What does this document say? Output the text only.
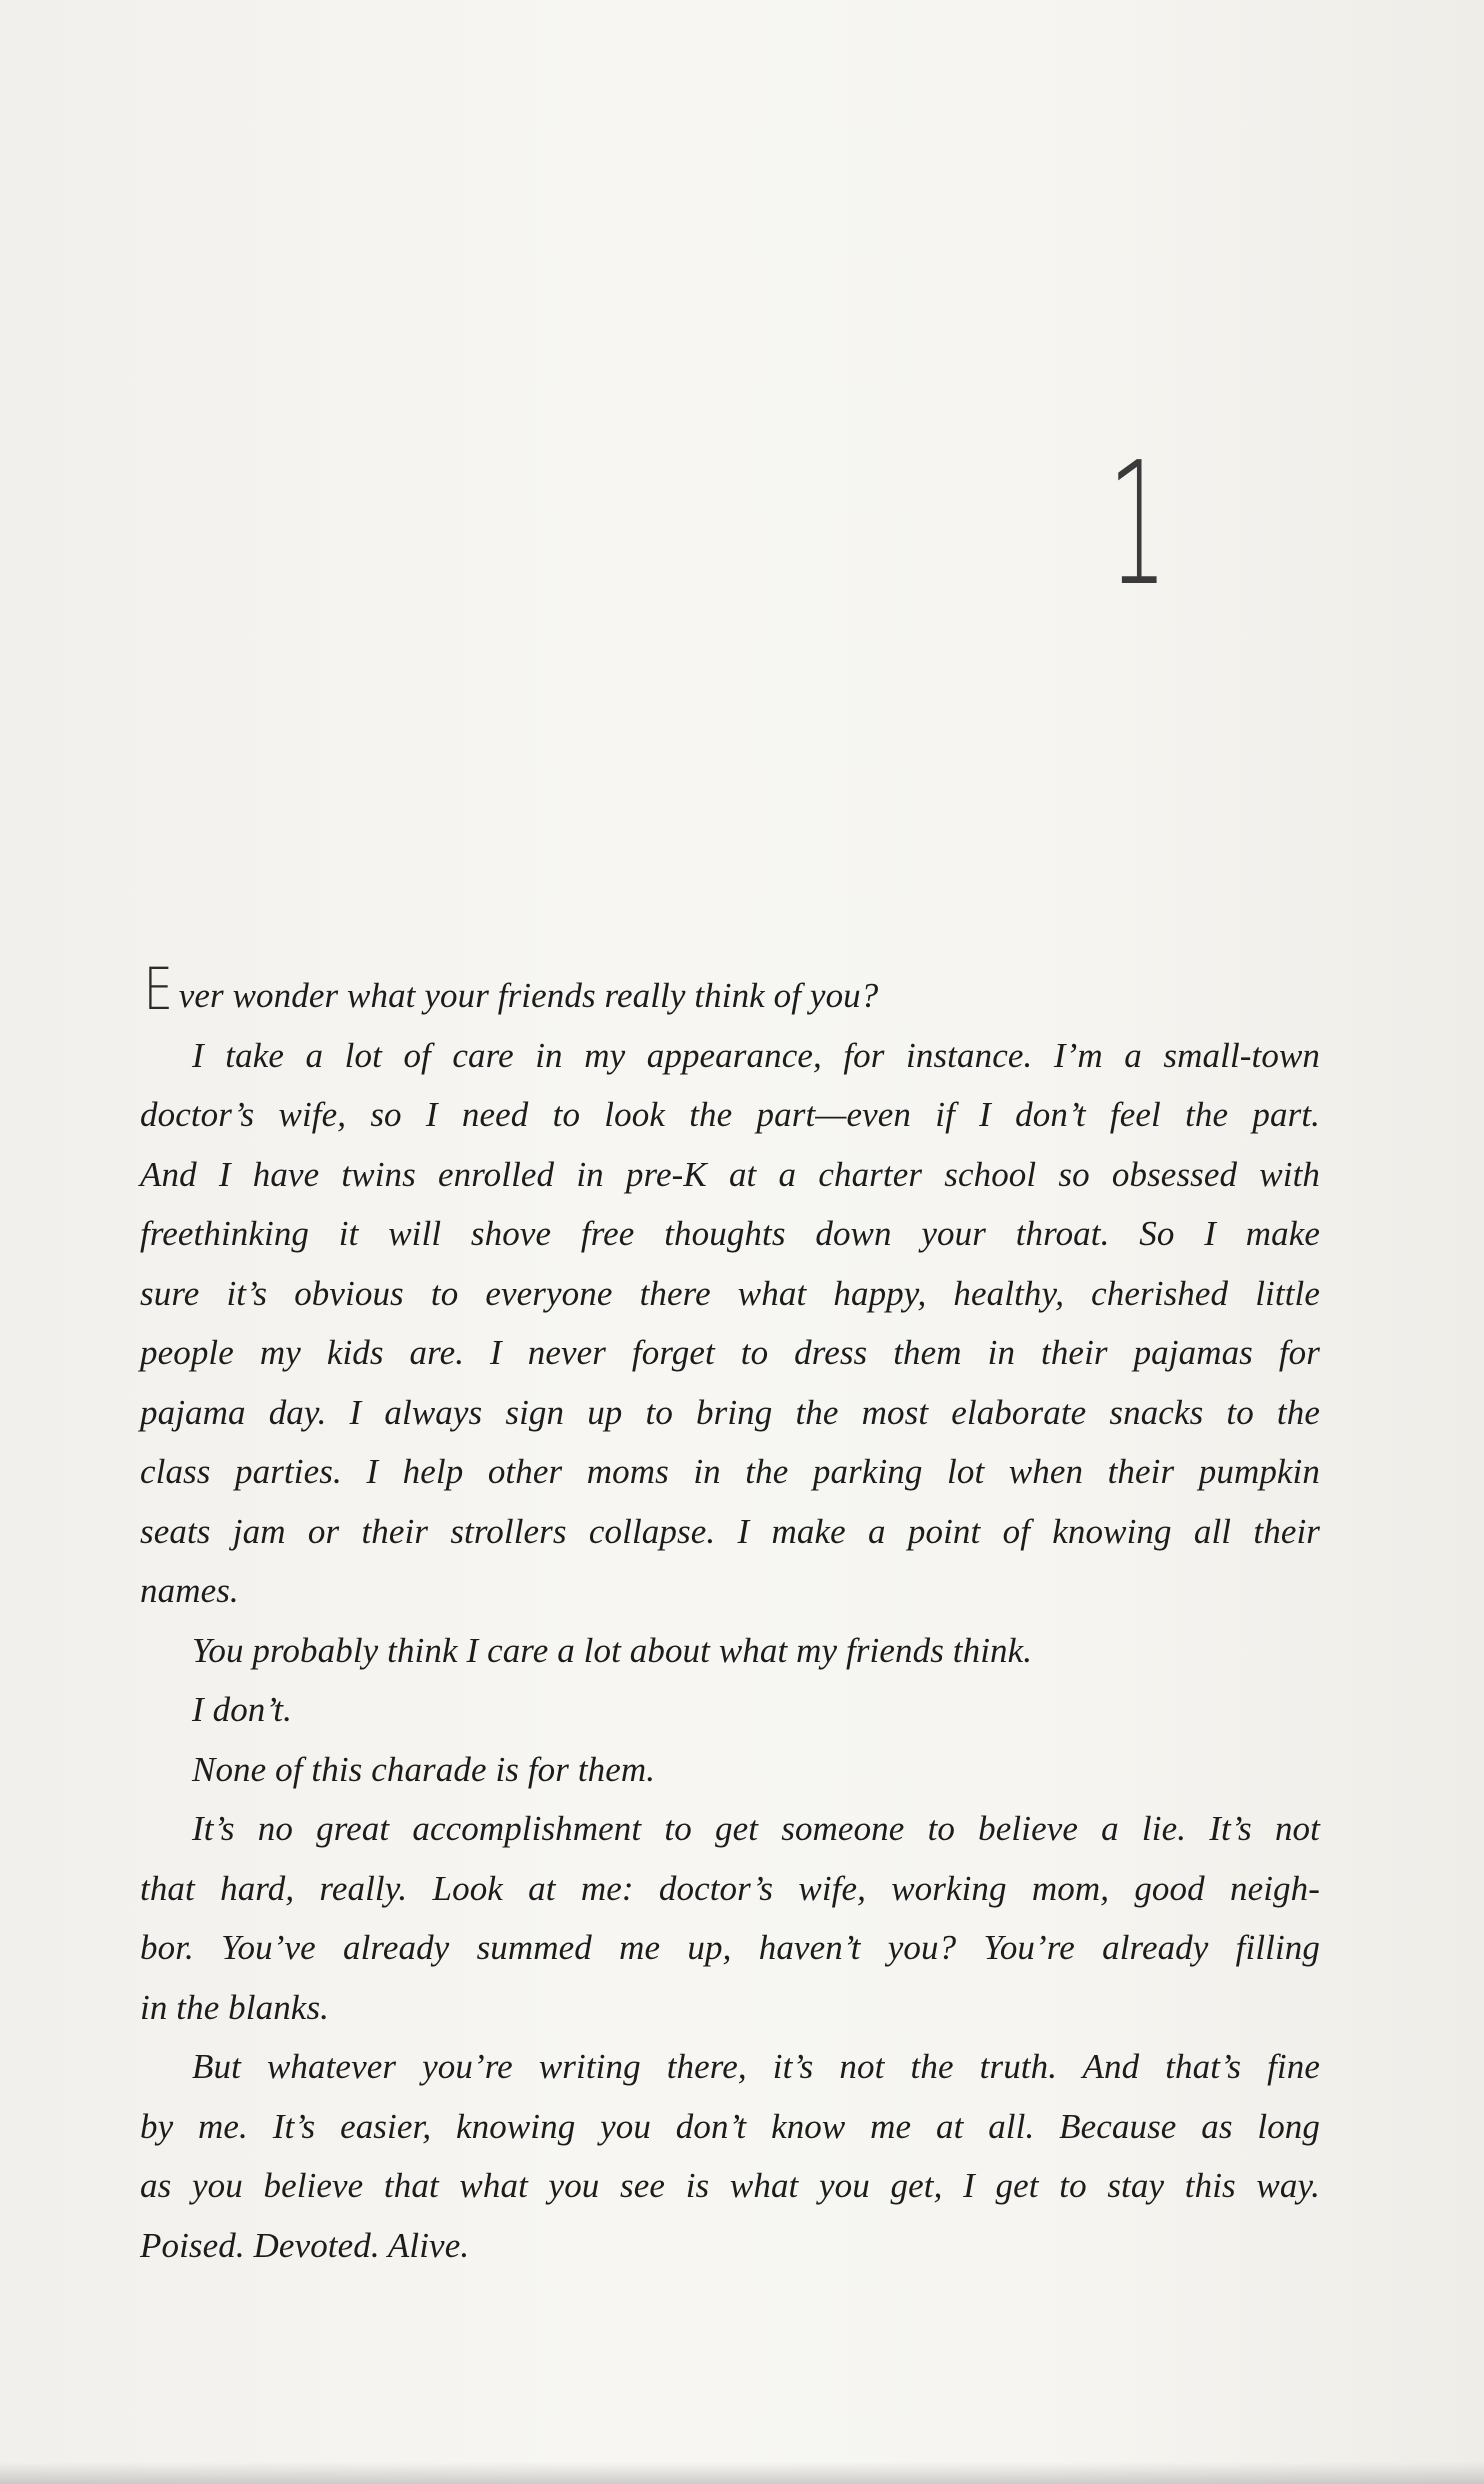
1

Ever wonder what your friends really think of you?

I take a lot of care in my appearance, for instance. I’m a small-town
doctor’s wife, so I need to look the part—even if I don’t feel the part.
And I have twins enrolled in pre-K at a charter school so obsessed with
freethinking it will shove free thoughts down your throat. So I make
sure it’s obvious to everyone there what happy, healthy, cherished little
people my kids are. I never forget to dress them in their pajamas for
pajama day. I always sign up to bring the most elaborate snacks to the
class parties. I help other moms in the parking lot when their pumpkin
seats jam or their strollers collapse. I make a point of knowing all their
names.

You probably think I care a lot about what my friends think.

I don’t.

None of this charade is for them.

It’s no great accomplishment to get someone to believe a lie. It’s not
that hard, really. Look at me: doctor’s wife, working mom, good neigh-
bor. You’ve already summed me up, haven’t you? You’re already filling
in the blanks.

But whatever you’re writing there, it’s not the truth. And that’s fine
by me. It’s easier, knowing you don’t know me at all. Because as long
as you believe that what you see is what you get, I get to stay this way.
Poised. Devoted. Alive.
